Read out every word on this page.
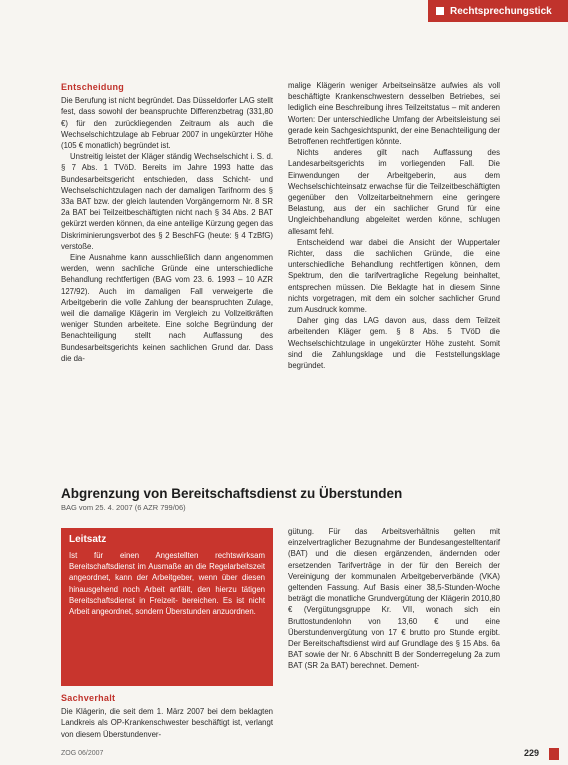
Rechtsprechungstick
Entscheidung

Die Berufung ist nicht begründet. Das Düsseldorfer LAG stellt fest, dass sowohl der beanspruchte Differenzbetrag (331,80 €) für den zurückliegenden Zeitraum als auch die Wechselschichtzulage ab Februar 2007 in ungekürzter Höhe (105 € monatlich) begründet ist.

Unstreitig leistet der Kläger ständig Wechselschicht i. S. d. § 7 Abs. 1 TVöD. Bereits im Jahre 1993 hatte das Bundesarbeitsgericht entschieden, dass Schicht- und Wechselschichtzulagen nach der damaligen Tarifnorm des § 33a BAT bzw. der gleich lautenden Vorgängernorm Nr. 8 SR 2a BAT bei Teilzeitbeschäftigten nicht nach § 34 Abs. 2 BAT gekürzt werden können, da eine anteilige Kürzung gegen das Diskriminierungsverbot des § 2 BeschFG (heute: § 4 TzBfG) verstoße.

Eine Ausnahme kann ausschließlich dann angenommen werden, wenn sachliche Gründe eine unterschiedliche Behandlung rechtfertigen (BAG vom 23. 6. 1993 – 10 AZR 127/92). Auch im damaligen Fall verweigerte die Arbeitgeberin die volle Zahlung der beanspruchten Zulage, weil die damalige Klägerin im Vergleich zu Vollzeitkräften weniger Stunden arbeitete. Eine solche Begründung der Benachteiligung stellt nach Auffassung des Bundesarbeitsgerichts keinen sachlichen Grund dar. Dass die da-

malige Klägerin weniger Arbeitseinsätze aufwies als voll beschäftigte Krankenschwestern desselben Betriebes, sei lediglich eine Beschreibung ihres Teilzeitstatus – mit anderen Worten: Der unterschiedliche Umfang der Arbeitsleistung sei gerade kein Sachgesichtspunkt, der eine Benachteiligung der Betroffenen rechtfertigen könnte.

Nichts anderes gilt nach Auffassung des Landesarbeitsgerichts im vorliegenden Fall. Die Einwendungen der Arbeitgeberin, aus dem Wechselschichteinsatz erwachse für die Teilzeitbeschäftigten gegenüber den Vollzeitarbeitnehmern eine geringere Belastung, aus der ein sachlicher Grund für eine Ungleichbehandlung abgeleitet werden könne, schlugen allesamt fehl.

Entscheidend war dabei die Ansicht der Wuppertaler Richter, dass die sachlichen Gründe, die eine unterschiedliche Behandlung rechtfertigen können, dem Spektrum, den die tarifvertragliche Regelung beinhaltet, entsprechen müssen. Die Beklagte hat in diesem Sinne nichts vorgetragen, mit dem ein solcher sachlicher Grund zum Ausdruck komme.

Daher ging das LAG davon aus, dass dem Teilzeit arbeitenden Kläger gem. § 8 Abs. 5 TVöD die Wechselschichtzulage in ungekürzter Höhe zusteht. Somit sind die Zahlungsklage und die Feststellungsklage begründet.

Abgrenzung von Bereitschaftsdienst zu Überstunden
BAG vom 25. 4. 2007 (6 AZR 799/06)
Leitsatz
Ist für einen Angestellten rechtswirksam Bereitschaftsdienst im Ausmaße an die Regelarbeitszeit angeordnet, kann der Arbeitgeber, wenn über diesen hinausgehend noch Arbeit anfällt, den hierzu tätigen Bereitschaftsdienst in Freizeit- bereichen. Es ist nicht Arbeit angeordnet, sondern Überstunden anzuordnen.
Sachverhalt

Die Klägerin, die seit dem 1. März 2007 bei dem beklagten Landkreis als OP-Krankenschwester beschäftigt ist, verlangt von diesem Überstundenver-

gütung. Für das Arbeitsverhältnis gelten mit einzelvertraglicher Bezugnahme der Bundesangestelltentarif (BAT) und die diesen ergänzenden, ändernden oder ersetzenden Tarifverträge in der für den Bereich der Vereinigung der kommunalen Arbeitgeberverbände (VKA) geltenden Fassung. Auf Basis einer 38,5-Stunden-Woche beträgt die monatliche Grundvergütung der Klägerin 2010,80 € (Vergütungsgruppe Kr. VII, wonach sich ein Bruttostundenlohn von 13,60 € und eine Überstundenvergütung von 17 € brutto pro Stunde ergibt. Der Bereitschaftsdienst wird auf Grundlage des § 15 Abs. 6a BAT sowie der Nr. 6 Abschnitt B der Sonderregelung 2a zum BAT (SR 2a BAT) berechnet. Dement-

ZOG 06/2007	229
